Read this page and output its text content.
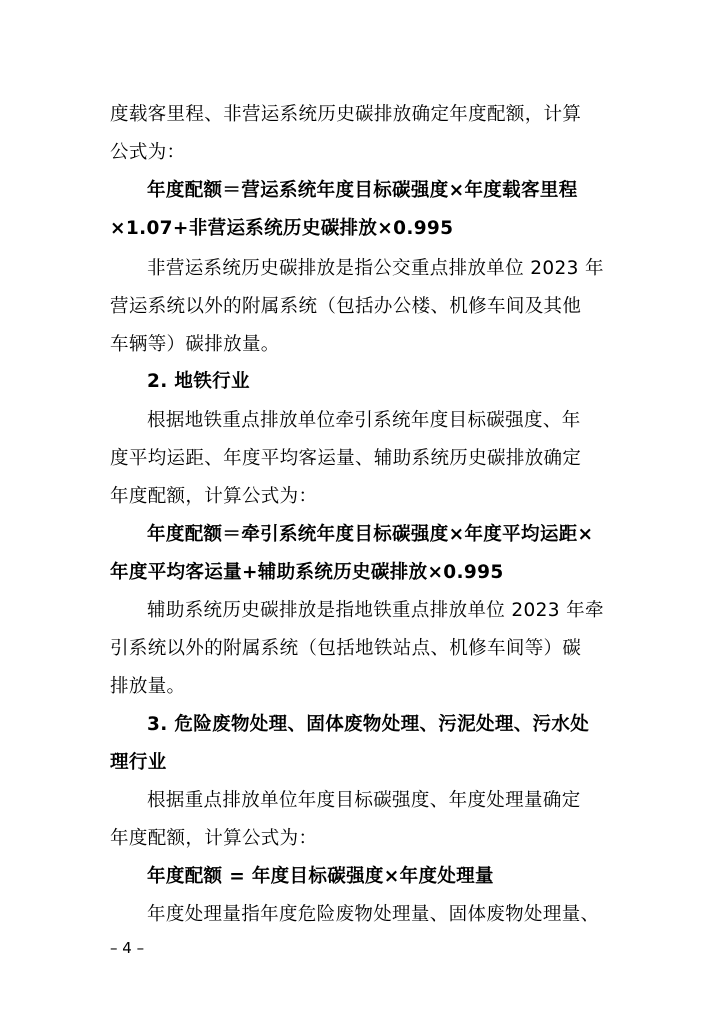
度载客里程、非营运系统历史碳排放确定年度配额，计算
公式为：
年度配额＝营运系统年度目标碳强度×年度载客里程
×1.07+非营运系统历史碳排放×0.995
非营运系统历史碳排放是指公交重点排放单位 2023 年
营运系统以外的附属系统（包括办公楼、机修车间及其他
车辆等）碳排放量。
2. 地铁行业
根据地铁重点排放单位牵引系统年度目标碳强度、年
度平均运距、年度平均客运量、辅助系统历史碳排放确定
年度配额，计算公式为：
年度配额＝牵引系统年度目标碳强度×年度平均运距×
年度平均客运量+辅助系统历史碳排放×0.995
辅助系统历史碳排放是指地铁重点排放单位 2023 年牵
引系统以外的附属系统（包括地铁站点、机修车间等）碳
排放量。
3. 危险废物处理、固体废物处理、污泥处理、污水处
理行业
根据重点排放单位年度目标碳强度、年度处理量确定
年度配额，计算公式为：
年度配额 = 年度目标碳强度×年度处理量
年度处理量指年度危险废物处理量、固体废物处理量、
– 4 –
